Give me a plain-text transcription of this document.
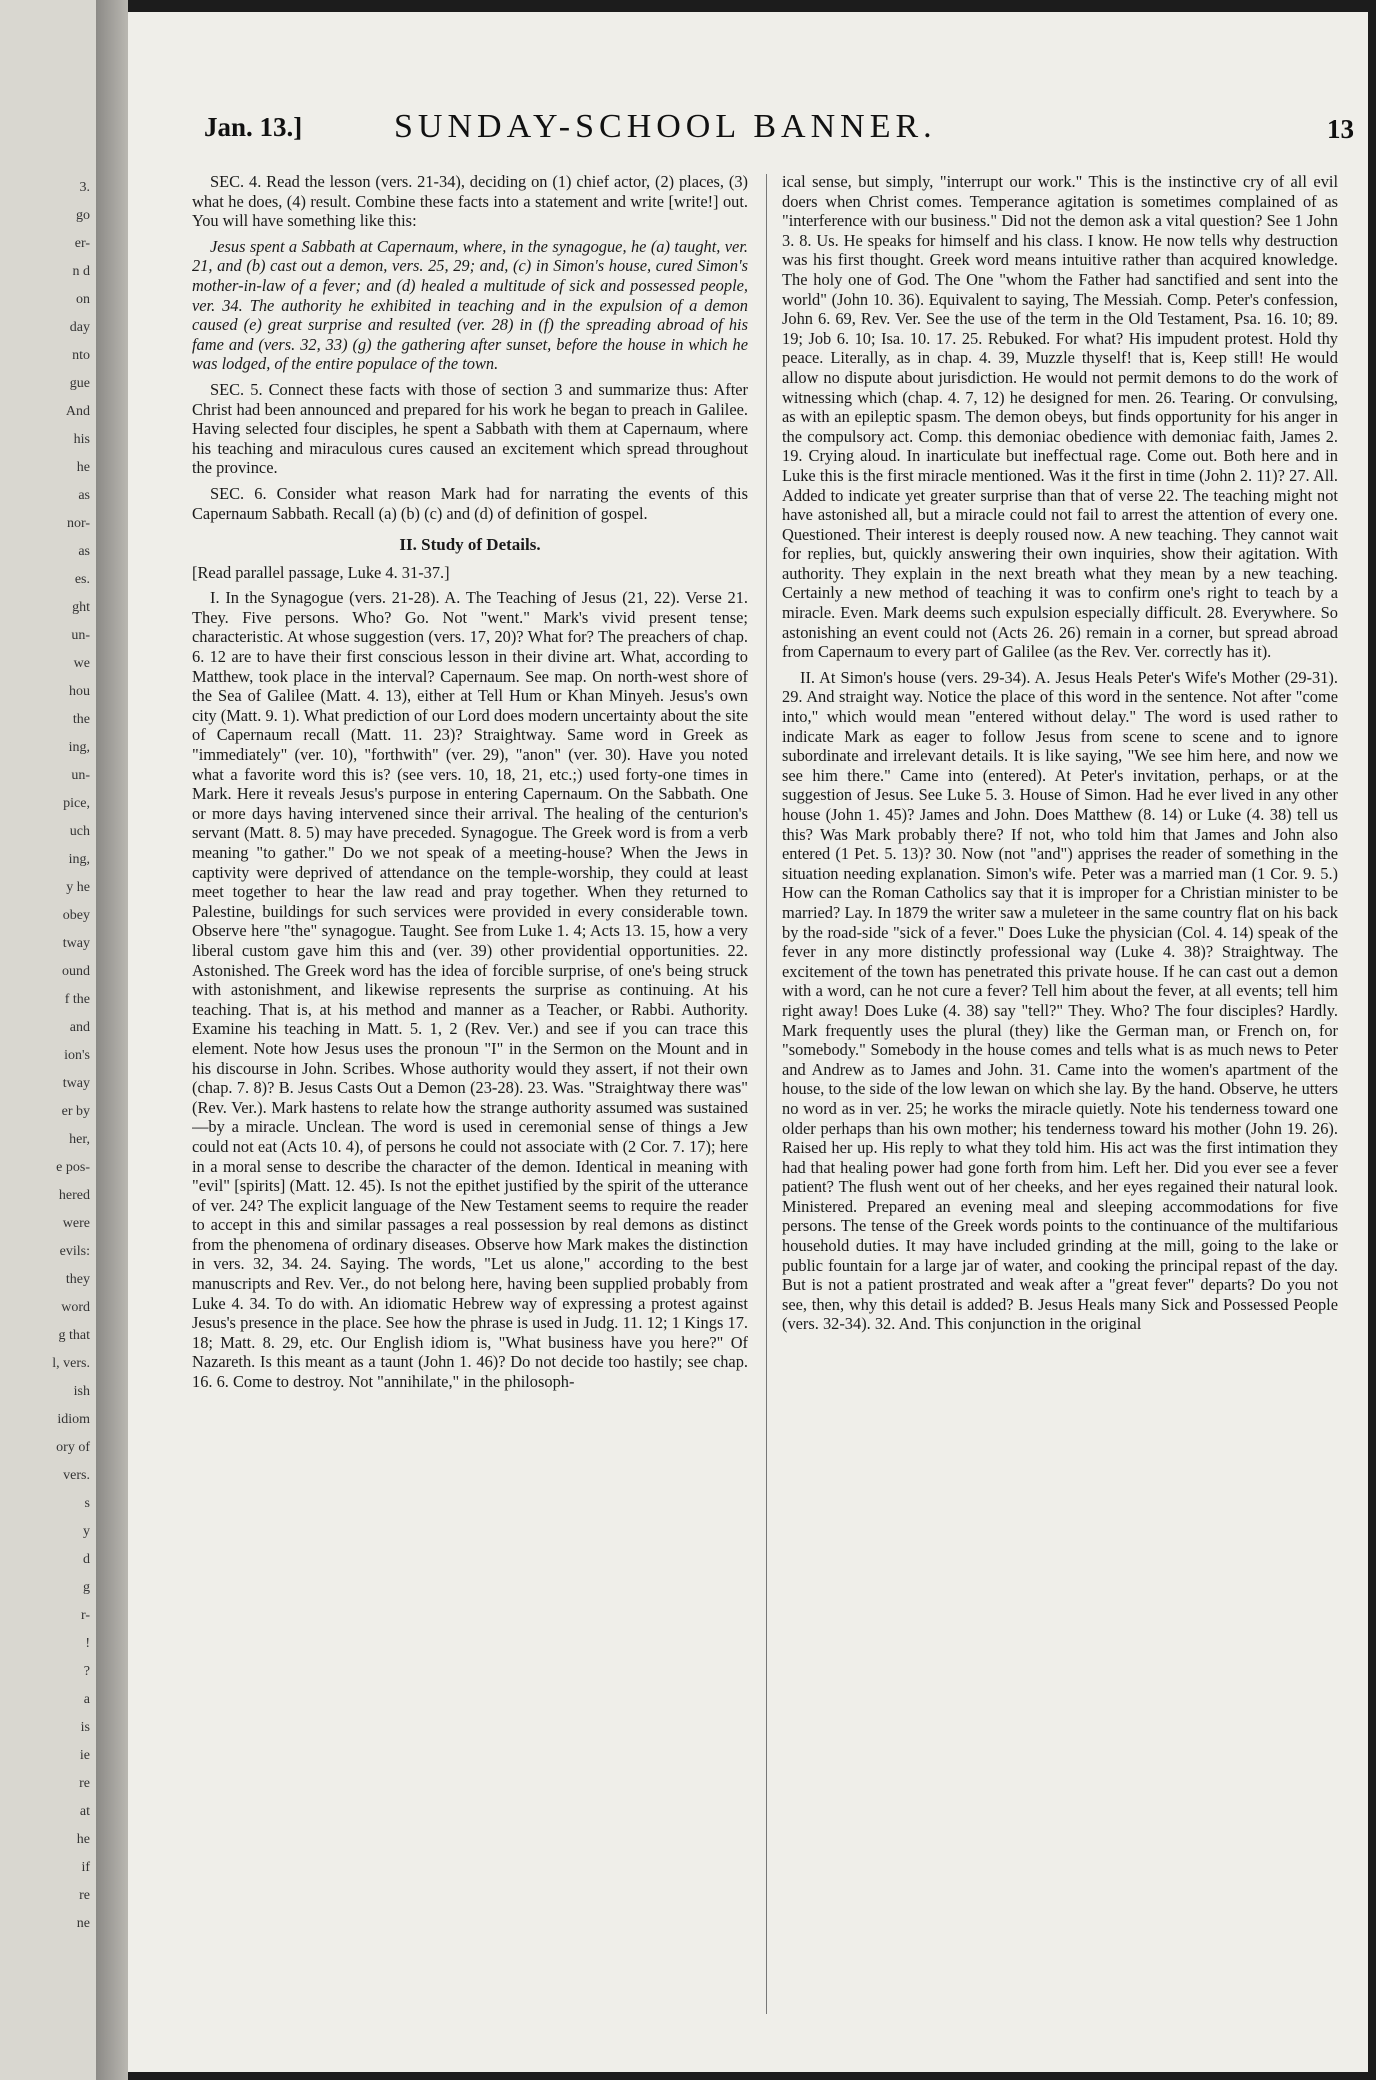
3.
go
er-
n d
on
day
nto
gue
And
his
he
as
nor-
as
es.
ght
un-
we
hou
the
ing,
un-
pice,
uch
ing,
y he
obey
tway
ound
f the
and
ion's
tway
er by
her,
e pos-
hered
were
evils:
they
word
g that
l, vers.
ish
idiom
ory of
vers.
s
y
d
g
r-
!
?
a
is
ie
re
at
he
if
re
ne
Jan. 13.]	SUNDAY-SCHOOL BANNER.	13

SEC. 4. Read the lesson (vers. 21-34), deciding on (1) chief actor, (2) places, (3) what he does, (4) result. Combine these facts into a statement and write [write!] out. You will have something like this:

Jesus spent a Sabbath at Capernaum, where, in the synagogue, he (a) taught, ver. 21, and (b) cast out a demon, vers. 25, 29; and, (c) in Simon's house, cured Simon's mother-in-law of a fever; and (d) healed a multitude of sick and possessed people, ver. 34. The authority he exhibited in teaching and in the expulsion of a demon caused (e) great surprise and resulted (ver. 28) in (f) the spreading abroad of his fame and (vers. 32, 33) (g) the gathering after sunset, before the house in which he was lodged, of the entire populace of the town.

SEC. 5. Connect these facts with those of section 3 and summarize thus: After Christ had been announced and prepared for his work he began to preach in Galilee. Having selected four disciples, he spent a Sabbath with them at Capernaum, where his teaching and miraculous cures caused an excitement which spread throughout the province.

SEC. 6. Consider what reason Mark had for narrating the events of this Capernaum Sabbath. Recall (a) (b) (c) and (d) of definition of gospel.

II. Study of Details.

[Read parallel passage, Luke 4. 31-37.]

I. In the Synagogue (vers. 21-28). A. The Teaching of Jesus (21, 22). Verse 21. They. Five persons. Who? Go. Not "went." Mark's vivid present tense; characteristic. At whose suggestion (vers. 17, 20)? What for? The preachers of chap. 6. 12 are to have their first conscious lesson in their divine art. What, according to Matthew, took place in the interval? Capernaum. See map. On north-west shore of the Sea of Galilee (Matt. 4. 13), either at Tell Hum or Khan Minyeh. Jesus's own city (Matt. 9. 1). What prediction of our Lord does modern uncertainty about the site of Capernaum recall (Matt. 11. 23)? Straightway. Same word in Greek as "immediately" (ver. 10), "forthwith" (ver. 29), "anon" (ver. 30). Have you noted what a favorite word this is? (see vers. 10, 18, 21, etc.;) used forty-one times in Mark. Here it reveals Jesus's purpose in entering Capernaum. On the Sabbath. One or more days having intervened since their arrival. The healing of the centurion's servant (Matt. 8. 5) may have preceded. Synagogue. The Greek word is from a verb meaning "to gather." Do we not speak of a meeting-house? When the Jews in captivity were deprived of attendance on the temple-worship, they could at least meet together to hear the law read and pray together. When they returned to Palestine, buildings for such services were provided in every considerable town. Observe here "the" synagogue. Taught. See from Luke 1. 4; Acts 13. 15, how a very liberal custom gave him this and (ver. 39) other providential opportunities. 22. Astonished. The Greek word has the idea of forcible surprise, of one's being struck with astonishment, and likewise represents the surprise as continuing. At his teaching. That is, at his method and manner as a Teacher, or Rabbi. Authority. Examine his teaching in Matt. 5. 1, 2 (Rev. Ver.) and see if you can trace this element. Note how Jesus uses the pronoun "I" in the Sermon on the Mount and in his discourse in John. Scribes. Whose authority would they assert, if not their own (chap. 7. 8)? B. Jesus Casts Out a Demon (23-28). 23. Was. "Straightway there was" (Rev. Ver.). Mark hastens to relate how the strange authority assumed was sustained—by a miracle. Unclean. The word is used in ceremonial sense of things a Jew could not eat (Acts 10. 4), of persons he could not associate with (2 Cor. 7. 17); here in a moral sense to describe the character of the demon. Identical in meaning with "evil" [spirits] (Matt. 12. 45). Is not the epithet justified by the spirit of the utterance of ver. 24? The explicit language of the New Testament seems to require the reader to accept in this and similar passages a real possession by real demons as distinct from the phenomena of ordinary diseases. Observe how Mark makes the distinction in vers. 32, 34. 24. Saying. The words, "Let us alone," according to the best manuscripts and Rev. Ver., do not belong here, having been supplied probably from Luke 4. 34. To do with. An idiomatic Hebrew way of expressing a protest against Jesus's presence in the place. See how the phrase is used in Judg. 11. 12; 1 Kings 17. 18; Matt. 8. 29, etc. Our English idiom is, "What business have you here?" Of Nazareth. Is this meant as a taunt (John 1. 46)? Do not decide too hastily; see chap. 16. 6. Come to destroy. Not "annihilate," in the philosoph-

ical sense, but simply, "interrupt our work." This is the instinctive cry of all evil doers when Christ comes. Temperance agitation is sometimes complained of as "interference with our business." Did not the demon ask a vital question? See 1 John 3. 8. Us. He speaks for himself and his class. I know. He now tells why destruction was his first thought. Greek word means intuitive rather than acquired knowledge. The holy one of God. The One "whom the Father had sanctified and sent into the world" (John 10. 36). Equivalent to saying, The Messiah. Comp. Peter's confession, John 6. 69, Rev. Ver. See the use of the term in the Old Testament, Psa. 16. 10; 89. 19; Job 6. 10; Isa. 10. 17. 25. Rebuked. For what? His impudent protest. Hold thy peace. Literally, as in chap. 4. 39, Muzzle thyself! that is, Keep still! He would allow no dispute about jurisdiction. He would not permit demons to do the work of witnessing which (chap. 4. 7, 12) he designed for men. 26. Tearing. Or convulsing, as with an epileptic spasm. The demon obeys, but finds opportunity for his anger in the compulsory act. Comp. this demoniac obedience with demoniac faith, James 2. 19. Crying aloud. In inarticulate but ineffectual rage. Come out. Both here and in Luke this is the first miracle mentioned. Was it the first in time (John 2. 11)? 27. All. Added to indicate yet greater surprise than that of verse 22. The teaching might not have astonished all, but a miracle could not fail to arrest the attention of every one. Questioned. Their interest is deeply roused now. A new teaching. They cannot wait for replies, but, quickly answering their own inquiries, show their agitation. With authority. They explain in the next breath what they mean by a new teaching. Certainly a new method of teaching it was to confirm one's right to teach by a miracle. Even. Mark deems such expulsion especially difficult. 28. Everywhere. So astonishing an event could not (Acts 26. 26) remain in a corner, but spread abroad from Capernaum to every part of Galilee (as the Rev. Ver. correctly has it).

II. At Simon's house (vers. 29-34). A. Jesus Heals Peter's Wife's Mother (29-31). 29. And straight way. Notice the place of this word in the sentence. Not after "come into," which would mean "entered without delay." The word is used rather to indicate Mark as eager to follow Jesus from scene to scene and to ignore subordinate and irrelevant details. It is like saying, "We see him here, and now we see him there." Came into (entered). At Peter's invitation, perhaps, or at the suggestion of Jesus. See Luke 5. 3. House of Simon. Had he ever lived in any other house (John 1. 45)? James and John. Does Matthew (8. 14) or Luke (4. 38) tell us this? Was Mark probably there? If not, who told him that James and John also entered (1 Pet. 5. 13)? 30. Now (not "and") apprises the reader of something in the situation needing explanation. Simon's wife. Peter was a married man (1 Cor. 9. 5.) How can the Roman Catholics say that it is improper for a Christian minister to be married? Lay. In 1879 the writer saw a muleteer in the same country flat on his back by the road-side "sick of a fever." Does Luke the physician (Col. 4. 14) speak of the fever in any more distinctly professional way (Luke 4. 38)? Straightway. The excitement of the town has penetrated this private house. If he can cast out a demon with a word, can he not cure a fever? Tell him about the fever, at all events; tell him right away! Does Luke (4. 38) say "tell?" They. Who? The four disciples? Hardly. Mark frequently uses the plural (they) like the German man, or French on, for "somebody." Somebody in the house comes and tells what is as much news to Peter and Andrew as to James and John. 31. Came into the women's apartment of the house, to the side of the low lewan on which she lay. By the hand. Observe, he utters no word as in ver. 25; he works the miracle quietly. Note his tenderness toward one older perhaps than his own mother; his tenderness toward his mother (John 19. 26). Raised her up. His reply to what they told him. His act was the first intimation they had that healing power had gone forth from him. Left her. Did you ever see a fever patient? The flush went out of her cheeks, and her eyes regained their natural look. Ministered. Prepared an evening meal and sleeping accommodations for five persons. The tense of the Greek words points to the continuance of the multifarious household duties. It may have included grinding at the mill, going to the lake or public fountain for a large jar of water, and cooking the principal repast of the day. But is not a patient prostrated and weak after a "great fever" departs? Do you not see, then, why this detail is added? B. Jesus Heals many Sick and Possessed People (vers. 32-34). 32. And. This conjunction in the original
